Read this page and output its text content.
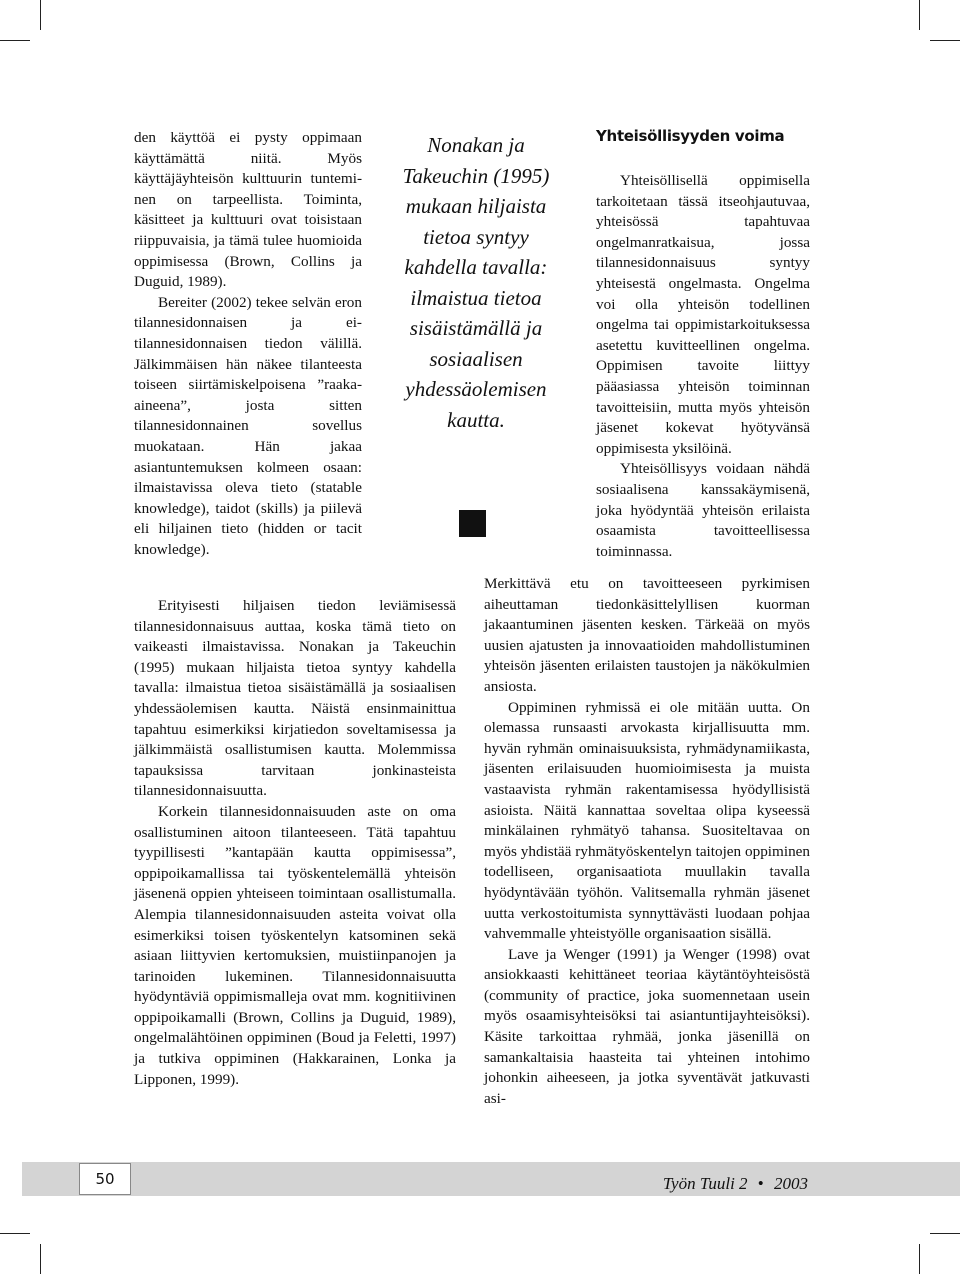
den käyttöä ei pysty oppimaan käyttämättä niitä. Myös käyttäjäyhteisön kulttuurin tunteminen on tarpeellista. Toiminta, käsitteet ja kulttuuri ovat toisistaan riippuvaisia, ja tämä tulee huomioida oppimisessa (Brown, Collins ja Duguid, 1989).

Bereiter (2002) tekee selvän eron tilannesidonnaisen ja ei-tilannesidonnaisen tiedon välillä. Jälkimmäisen hän näkee tilanteesta toiseen siirtämiskelpoisena ”raaka-aineena”, josta sitten tilannesidonnainen sovellus muokataan. Hän jakaa asiantuntemuksen kolmeen osaan: ilmaistavissa oleva tieto (statable knowledge), taidot (skills) ja piilevä eli hiljainen tieto (hidden or tacit knowledge).

Erityisesti hiljaisen tiedon leviämisessä tilannesidonnaisuus auttaa, koska tämä tieto on vaikeasti ilmaistavissa. Nonakan ja Takeuchin (1995) mukaan hiljaista tietoa syntyy kahdella tavalla: ilmaistua tietoa sisäistämällä ja sosiaalisen yhdessäolemisen kautta. Näistä ensinmainittua tapahtuu esimerkiksi kirjatiedon soveltamisessa ja jälkimmäistä osallistumisen kautta. Molemmissa tapauksissa tarvitaan jonkinasteista tilannesidonnaisuutta.

Korkein tilannesidonnaisuuden aste on oma osallistuminen aitoon tilanteeseen. Tätä tapahtuu tyypillisesti ”kantapään kautta oppimisessa”, oppipoikamallissa tai työskentelemällä yhteisön jäsenenä oppien yhteiseen toimintaan osallistumalla. Alempia tilannesidonnaisuuden asteita voivat olla esimerkiksi toisen työskentelyn katsominen sekä asiaan liittyvien kertomuksien, muistiinpanojen ja tarinoiden lukeminen. Tilannesidonnaisuutta hyödyntäviä oppimismalleja ovat mm. kognitiivinen oppipoikamalli (Brown, Collins ja Duguid, 1989), ongelmalähtöinen oppiminen (Boud ja Feletti, 1997) ja tutkiva oppiminen (Hakkarainen, Lonka ja Lipponen, 1999).

Nonakan ja
Takeuchin (1995)
mukaan hiljaista
tietoa syntyy
kahdella tavalla:
ilmaistua tietoa
sisäistämällä ja
sosiaalisen
yhdessäolemisen
kautta.
Yhteisöllisyyden voima

Yhteisöllisellä oppimisella tarkoitetaan tässä itseohjautuvaa, yhteisössä tapahtuvaa ongelmanratkaisua, jossa tilannesidonnaisuus syntyy yhteisestä ongelmasta. Ongelma voi olla yhteisön todellinen ongelma tai oppimistarkoituksessa asetettu kuvitteellinen ongelma. Oppimisen tavoite liittyy pääasiassa yhteisön toiminnan tavoitteisiin, mutta myös yhteisön jäsenet kokevat hyötyvänsä oppimisesta yksilöinä.

Yhteisöllisyys voidaan nähdä sosiaalisena kanssakäymisenä, joka hyödyntää yhteisön erilaista osaamista tavoitteellisessa toiminnassa.

Merkittävä etu on tavoitteeseen pyrkimisen aiheuttaman tiedonkäsittelyllisen kuorman jakaantuminen jäsenten kesken. Tärkeää on myös uusien ajatusten ja innovaatioiden mahdollistuminen yhteisön jäsenten erilaisten taustojen ja näkökulmien ansiosta.

Oppiminen ryhmissä ei ole mitään uutta. On olemassa runsaasti arvokasta kirjallisuutta mm. hyvän ryhmän ominaisuuksista, ryhmädynamiikasta, jäsenten erilaisuuden huomioimisesta ja muista vastaavista ryhmän rakentamisessa hyödyllisistä asioista. Näitä kannattaa soveltaa olipa kyseessä minkälainen ryhmätyö tahansa. Suositeltavaa on myös yhdistää ryhmätyöskentelyn taitojen oppiminen todelliseen, organisaatiota muullakin tavalla hyödyntävään työhön. Valitsemalla ryhmän jäsenet uutta verkostoitumista synnyttävästi luodaan pohjaa vahvemmalle yhteistyölle organisaation sisällä.

Lave ja Wenger (1991) ja Wenger (1998) ovat ansiokkaasti kehittäneet teoriaa käytäntöyhteisöstä (community of practice, joka suomennetaan usein myös osaamisyhteisöksi tai asiantuntijayhteisöksi). Käsite tarkoittaa ryhmää, jonka jäsenillä on samankaltaisia haasteita tai yhteinen intohimo johonkin aiheeseen, ja jotka syventävät jatkuvasti asi-

50	Työn Tuuli 2 • 2003
